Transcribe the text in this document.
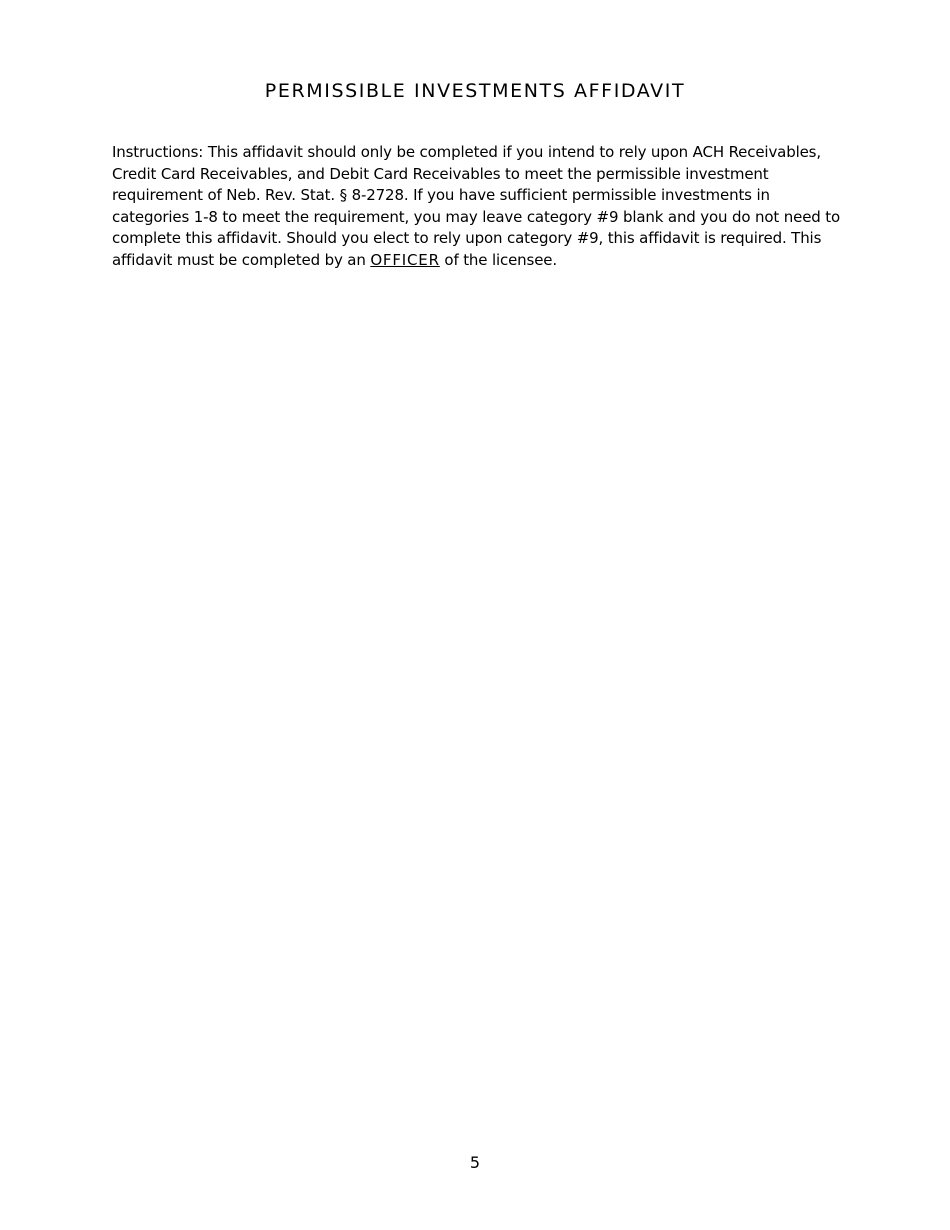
PERMISSIBLE INVESTMENTS AFFIDAVIT

Instructions: This affidavit should only be completed if you intend to rely upon ACH Receivables, Credit Card Receivables, and Debit Card Receivables to meet the permissible investment requirement of Neb. Rev. Stat. § 8-2728. If you have sufficient permissible investments in categories 1-8 to meet the requirement, you may leave category #9 blank and you do not need to complete this affidavit. Should you elect to rely upon category #9, this affidavit is required. This affidavit must be completed by an OFFICER of the licensee.

5
